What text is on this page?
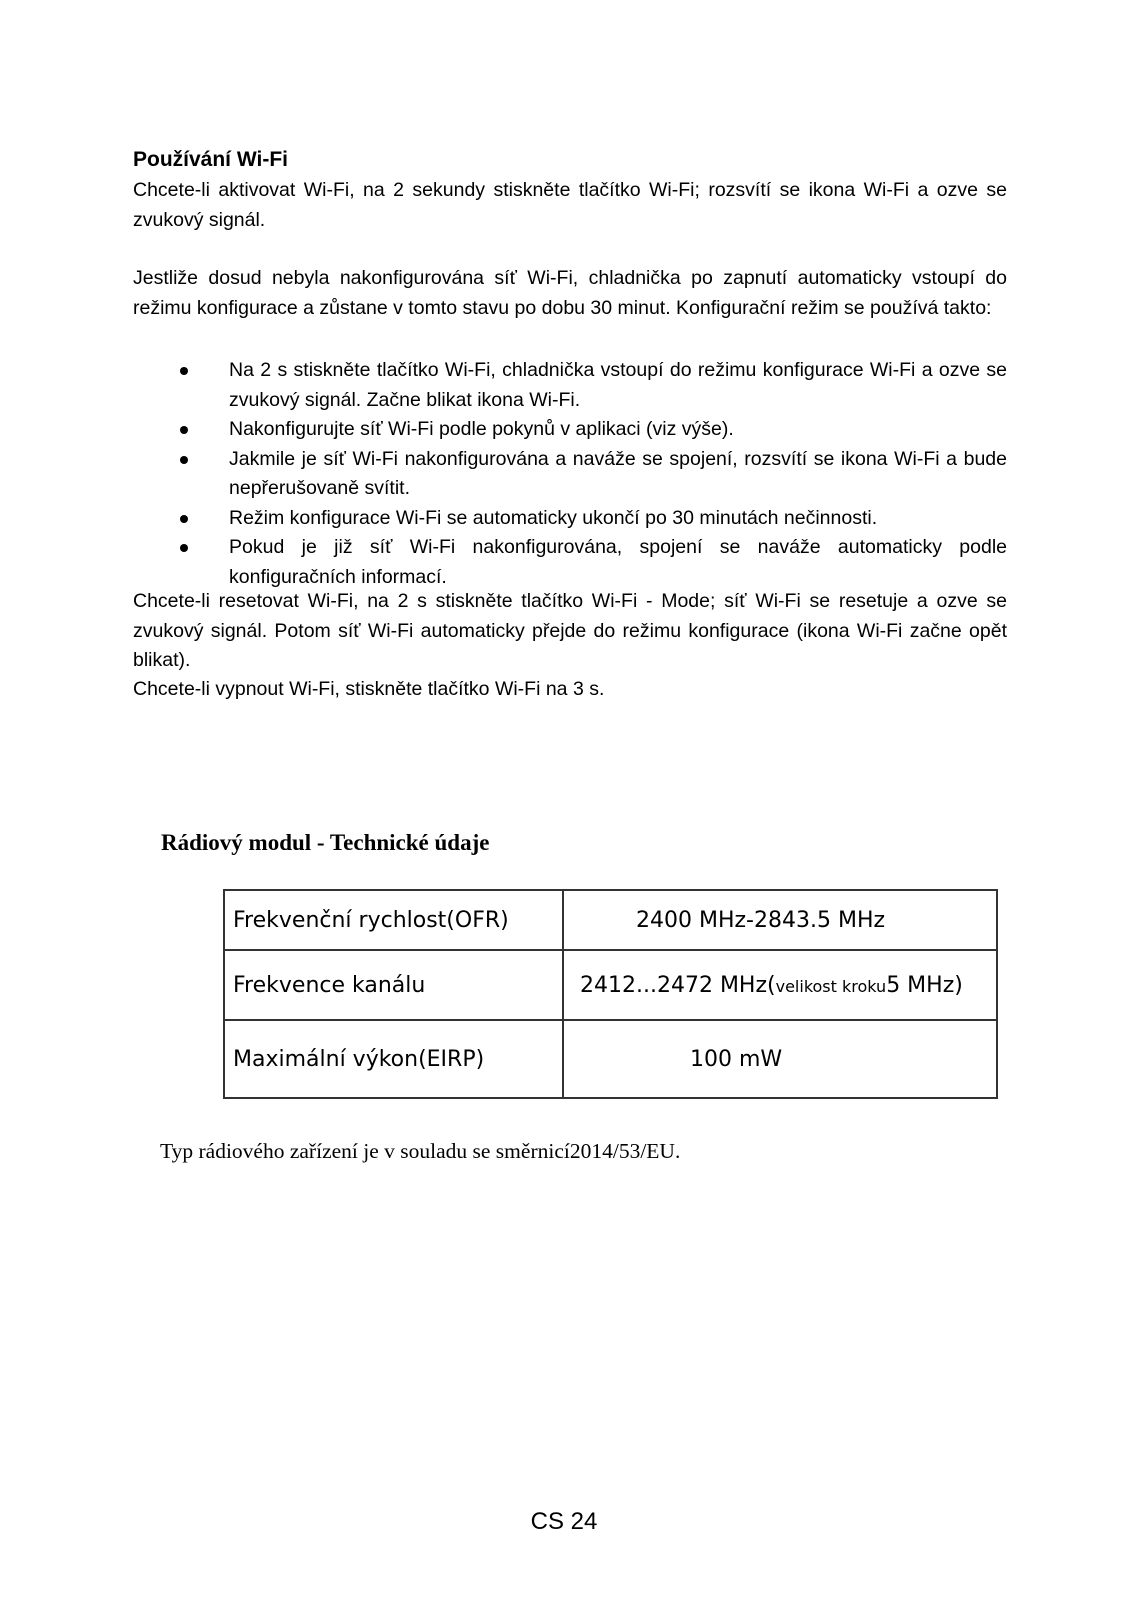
Používání Wi-Fi

Chcete-li aktivovat Wi-Fi, na 2 sekundy stiskněte tlačítko Wi-Fi; rozsvítí se ikona Wi-Fi a ozve se zvukový signál.

Jestliže dosud nebyla nakonfigurována síť Wi-Fi, chladnička po zapnutí automaticky vstoupí do režimu konfigurace a zůstane v tomto stavu po dobu 30 minut. Konfigurační režim se používá takto:

Na 2 s stiskněte tlačítko Wi-Fi, chladnička vstoupí do režimu konfigurace Wi-Fi a ozve se zvukový signál. Začne blikat ikona Wi-Fi.
Nakonfigurujte síť Wi-Fi podle pokynů v aplikaci (viz výše).
Jakmile je síť Wi-Fi nakonfigurována a naváže se spojení, rozsvítí se ikona Wi-Fi a bude nepřerušovaně svítit.
Režim konfigurace Wi-Fi se automaticky ukončí po 30 minutách nečinnosti.
Pokud je již síť Wi-Fi nakonfigurována, spojení se naváže automaticky podle konfiguračních informací.

Chcete-li resetovat Wi-Fi, na 2 s stiskněte tlačítko Wi-Fi - Mode; síť Wi-Fi se resetuje a ozve se zvukový signál. Potom síť Wi-Fi automaticky přejde do režimu konfigurace (ikona Wi-Fi začne opět blikat).

Chcete-li vypnout Wi-Fi, stiskněte tlačítko Wi-Fi na 3 s.

Rádiový modul - Technické údaje
Frekvenční rychlost(OFR)	2400 MHz-2843.5 MHz
Frekvence kanálu	2412...2472 MHz(velikost kroku5 MHz)
Maximální výkon(EIRP)	100 mW

Typ rádiového zařízení je v souladu se směrnicí2014/53/EU.

CS 24
